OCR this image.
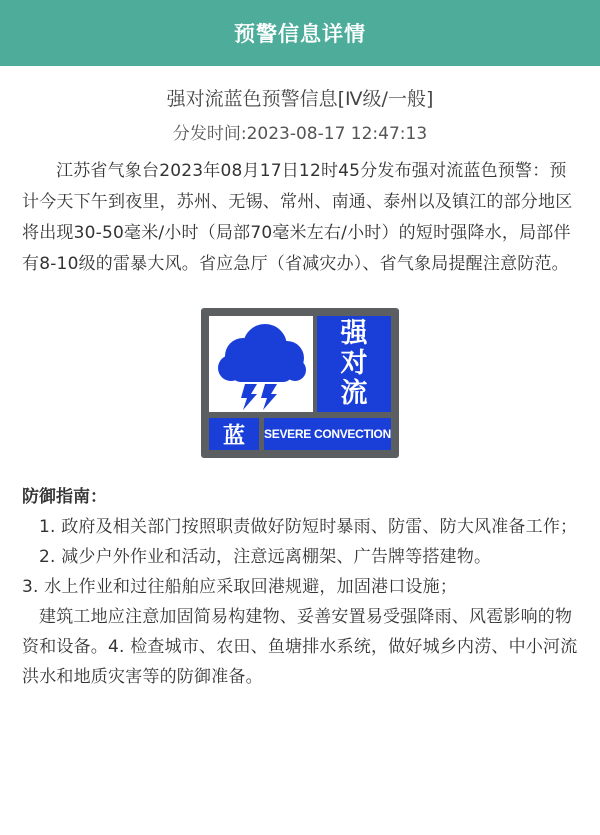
预警信息详情
强对流蓝色预警信息[Ⅳ级/一般]
分发时间:2023-08-17 12:47:13
江苏省气象台2023年08月17日12时45分发布强对流蓝色预警：预计今天下午到夜里，苏州、无锡、常州、南通、泰州以及镇江的部分地区将出现30-50毫米/小时（局部70毫米左右/小时）的短时强降水，局部伴有8-10级的雷暴大风。省应急厅（省减灾办）、省气象局提醒注意防范。
强
对
流
蓝	SEVERE CONVECTION
防御指南：

1. 政府及相关部门按照职责做好防短时暴雨、防雷、防大风准备工作；

2. 减少户外作业和活动，注意远离棚架、广告牌等搭建物。

3. 水上作业和过往船舶应采取回港规避，加固港口设施；

建筑工地应注意加固简易构建物、妥善安置易受强降雨、风雹影响的物资和设备。4. 检查城市、农田、鱼塘排水系统，做好城乡内涝、中小河流洪水和地质灾害等的防御准备。
